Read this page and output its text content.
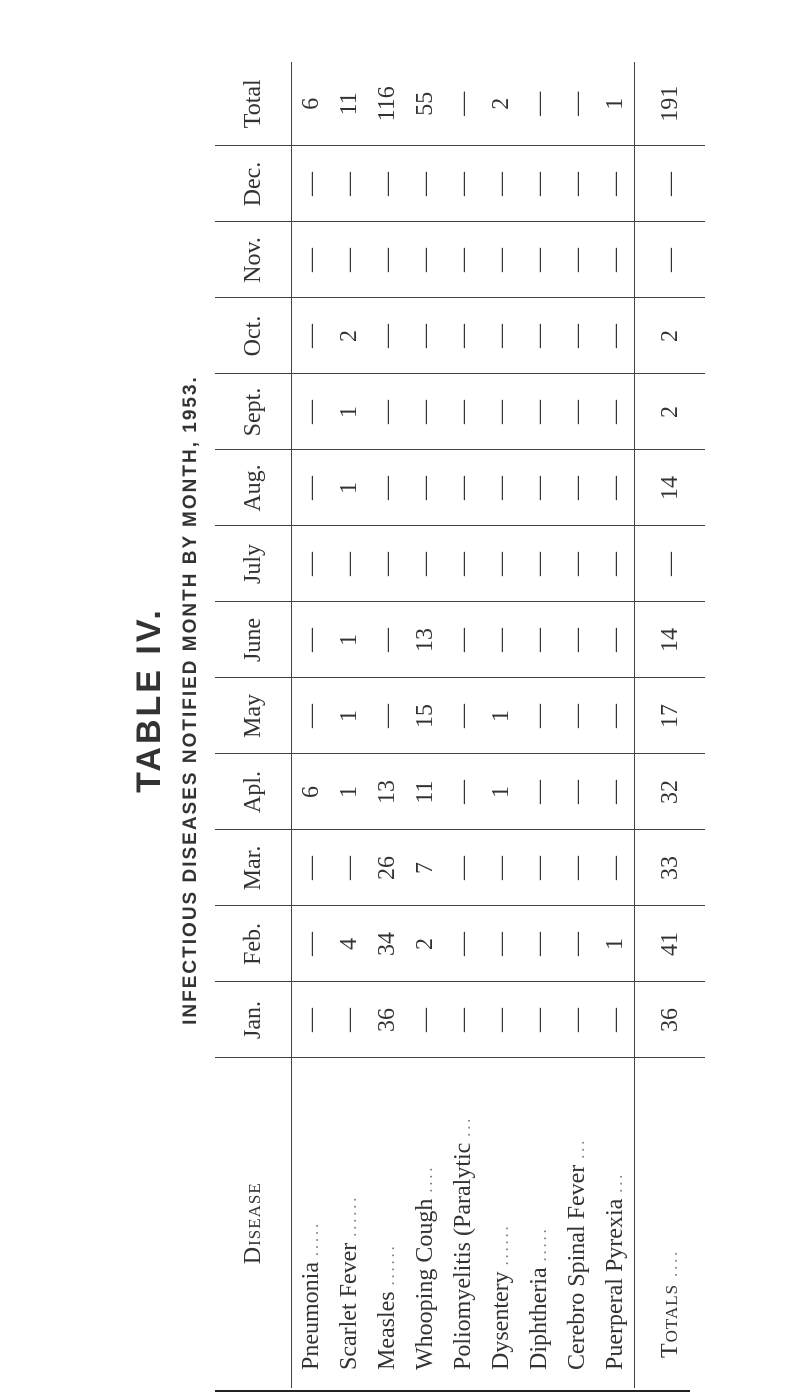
TABLE IV. INFECTIOUS DISEASES NOTIFIED MONTH BY MONTH, 1953.
Disease	Jan.	Feb.	Mar.	Apl.	May	June	July	Aug.	Sept.	Oct.	Nov.	Dec.	Total
Pneumonia .....	—	—	—	6	—	—	—	—	—	—	—	—	6
Scarlet Fever ......	—	4	—	1	1	1	—	1	1	2	—	—	11
Measles ......	36	34	26	13	—	—	—	—	—	—	—	—	116
Whooping Cough ....	—	2	7	11	15	13	—	—	—	—	—	—	55
Poliomyelitis (Paralytic ...	—	—	—	—	—	—	—	—	—	—	—	—	—
Dysentery ......	—	—	—	1	1	—	—	—	—	—	—	—	2
Diphtheria .....	—	—	—	—	—	—	—	—	—	—	—	—	—
Cerebro Spinal Fever ...	—	—	—	—	—	—	—	—	—	—	—	—	—
Puerperal Pyrexia ...	—	1	—	—	—	—	—	—	—	—	—	—	1
Totals ....	36	41	33	32	17	14	—	14	2	2	—	—	191
